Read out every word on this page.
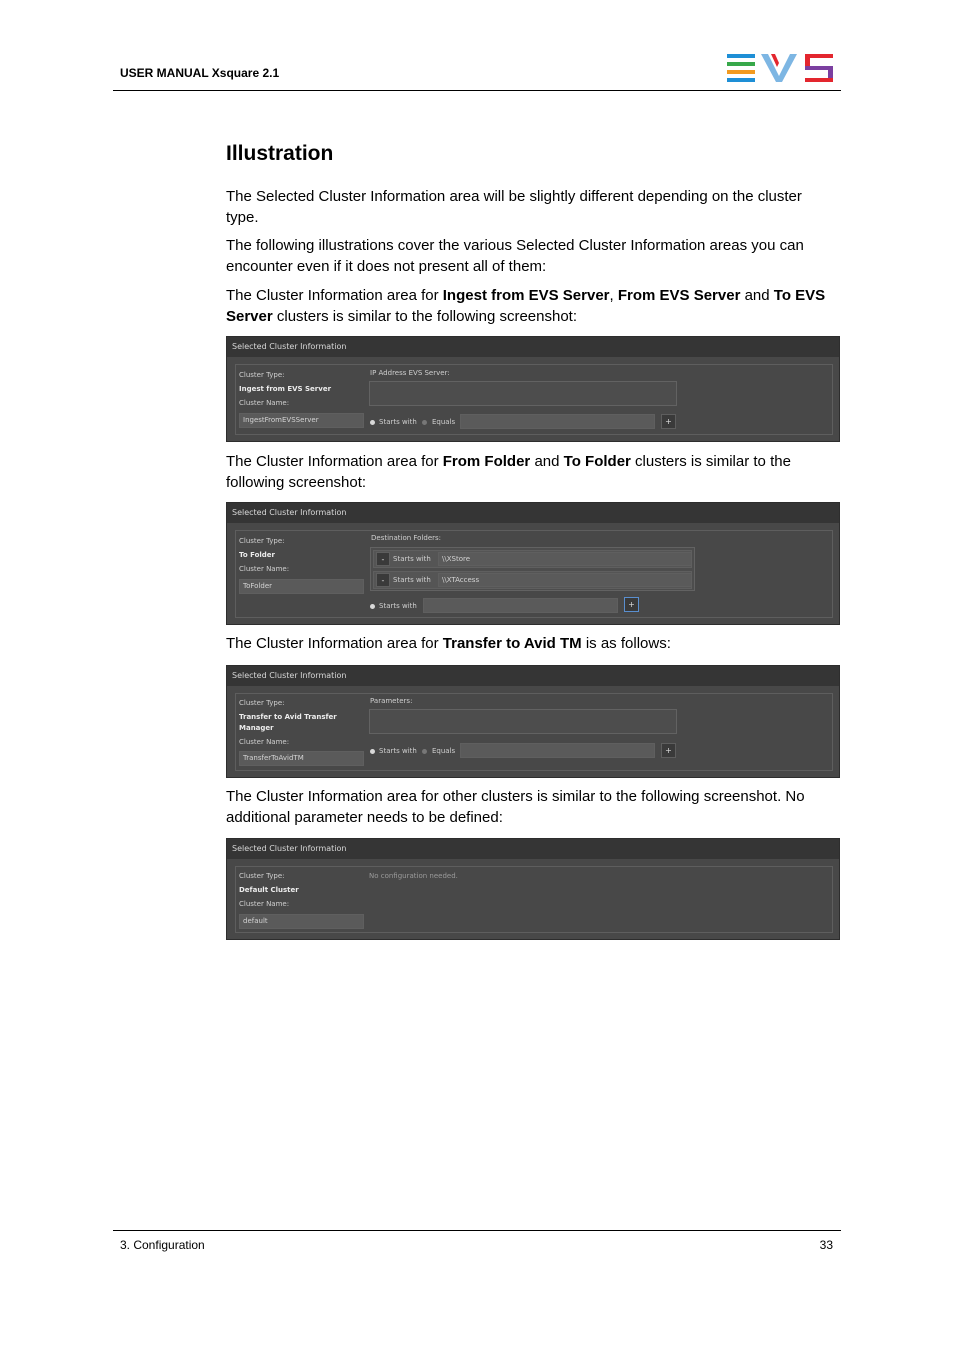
USER MANUAL Xsquare 2.1
Illustration
The Selected Cluster Information area will be slightly different depending on the cluster type.
The following illustrations cover the various Selected Cluster Information areas you can encounter even if it does not present all of them:
The Cluster Information area for Ingest from EVS Server, From EVS Server and To EVS Server clusters is similar to the following screenshot:
Selected Cluster Information
Cluster Type:
Ingest from EVS Server
Cluster Name:
IngestFromEVSServer
IP Address EVS Server:
Starts with Equals	+
The Cluster Information area for From Folder and To Folder clusters is similar to the following screenshot:
Selected Cluster Information
Cluster Type:
To Folder
Cluster Name:
ToFolder
Destination Folders:
-	Starts with	\\XStore
-	Starts with	\\XTAccess
Starts with	+
The Cluster Information area for Transfer to Avid TM is as follows:
Selected Cluster Information
Cluster Type:
Transfer to Avid Transfer
Manager
Cluster Name:
TransferToAvidTM
Parameters:
Starts with Equals	+
The Cluster Information area for other clusters is similar to the following screenshot. No additional parameter needs to be defined:
Selected Cluster Information
Cluster Type:
Default Cluster
Cluster Name:
default
No configuration needed.
3. Configuration	33
